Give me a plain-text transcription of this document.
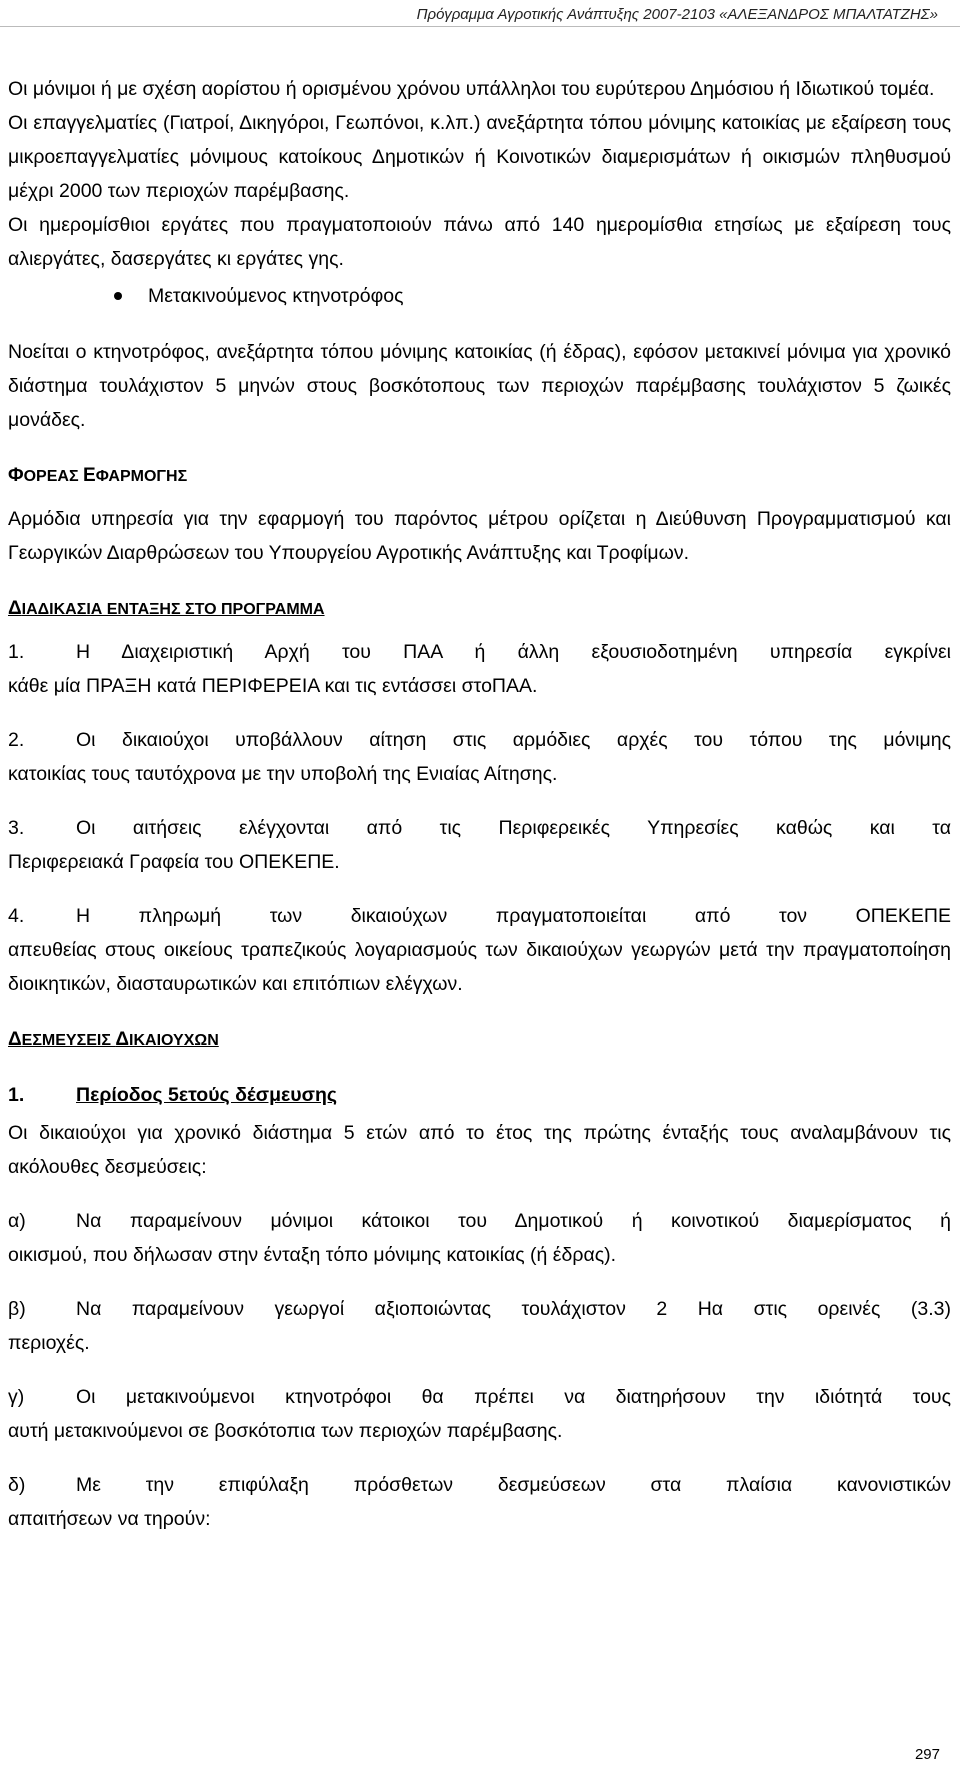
Πρόγραμμα Αγροτικής Ανάπτυξης 2007-2103 «ΑΛΕΞΑΝΔΡΟΣ ΜΠΑΛΤΑΤΖΗΣ»

Οι μόνιμοι ή με σχέση αορίστου ή ορισμένου χρόνου υπάλληλοι του ευρύτερου Δημόσιου ή Ιδιωτικού τομέα.

Οι επαγγελματίες (Γιατροί, Δικηγόροι, Γεωπόνοι, κ.λπ.) ανεξάρτητα τόπου μόνιμης κατοικίας με εξαίρεση τους μικροεπαγγελματίες μόνιμους κατοίκους Δημοτικών ή Κοινοτικών διαμερισμάτων ή οικισμών πληθυσμού μέχρι 2000 των περιοχών παρέμβασης.

Οι ημερομίσθιοι εργάτες που πραγματοποιούν πάνω από 140 ημερομίσθια ετησίως με εξαίρεση τους αλιεργάτες, δασεργάτες κι εργάτες γης.

Μετακινούμενος κτηνοτρόφος

Νοείται ο κτηνοτρόφος, ανεξάρτητα τόπου μόνιμης κατοικίας (ή έδρας), εφόσον μετακινεί μόνιμα για χρονικό διάστημα τουλάχιστον 5 μηνών στους βοσκότοπους των περιοχών παρέμβασης τουλάχιστον 5 ζωικές μονάδες.

ΦΟΡΕΑΣ ΕΦΑΡΜΟΓΗΣ

Αρμόδια υπηρεσία για την εφαρμογή του παρόντος μέτρου ορίζεται η Διεύθυνση Προγραμματισμού και Γεωργικών Διαρθρώσεων του Υπουργείου Αγροτικής Ανάπτυξης και Τροφίμων.

ΔΙΑΔΙΚΑΣΙΑ ΕΝΤΑΞΗΣ ΣΤΟ ΠΡΟΓΡΑΜΜΑ
1.	Η Διαχειριστική Αρχή του ΠΑΑ ή άλλη εξουσιοδοτημένη υπηρεσία εγκρίνει

κάθε μία ΠΡΑΞΗ κατά ΠΕΡΙΦΕΡΕΙΑ και τις εντάσσει στοΠΑΑ.

2.	Οι δικαιούχοι υποβάλλουν αίτηση στις αρμόδιες αρχές του τόπου της μόνιμης

κατοικίας τους ταυτόχρονα με την υποβολή της Ενιαίας Αίτησης.

3.	Οι αιτήσεις ελέγχονται από τις Περιφερεικές Υπηρεσίες καθώς και τα

Περιφερειακά Γραφεία του ΟΠΕΚΕΠΕ.

4.	Η πληρωμή των δικαιούχων πραγματοποιείται από τον ΟΠΕΚΕΠΕ

απευθείας στους οικείους τραπεζικούς λογαριασμούς των δικαιούχων γεωργών μετά την πραγματοποίηση διοικητικών, διασταυρωτικών και επιτόπιων ελέγχων.

ΔΕΣΜΕΥΣΕΙΣ ΔΙΚΑΙΟΥΧΩΝ
1.	Περίοδος 5ετούς δέσμευσης

Οι δικαιούχοι για χρονικό διάστημα 5 ετών από το έτος της πρώτης ένταξής τους αναλαμβάνουν τις ακόλουθες δεσμεύσεις:

α)	Να παραμείνουν μόνιμοι κάτοικοι του Δημοτικού ή κοινοτικού διαμερίσματος ή

οικισμού, που δήλωσαν στην ένταξη τόπο μόνιμης κατοικίας (ή έδρας).

β)	Να παραμείνουν γεωργοί αξιοποιώντας τουλάχιστον 2 Ηα στις ορεινές (3.3)

περιοχές.

γ)	Οι μετακινούμενοι κτηνοτρόφοι θα πρέπει να διατηρήσουν την ιδιότητά τους

αυτή μετακινούμενοι σε βοσκότοπια των περιοχών παρέμβασης.

δ)	Με την επιφύλαξη πρόσθετων δεσμεύσεων στα πλαίσια κανονιστικών

απαιτήσεων να τηρούν:

297
